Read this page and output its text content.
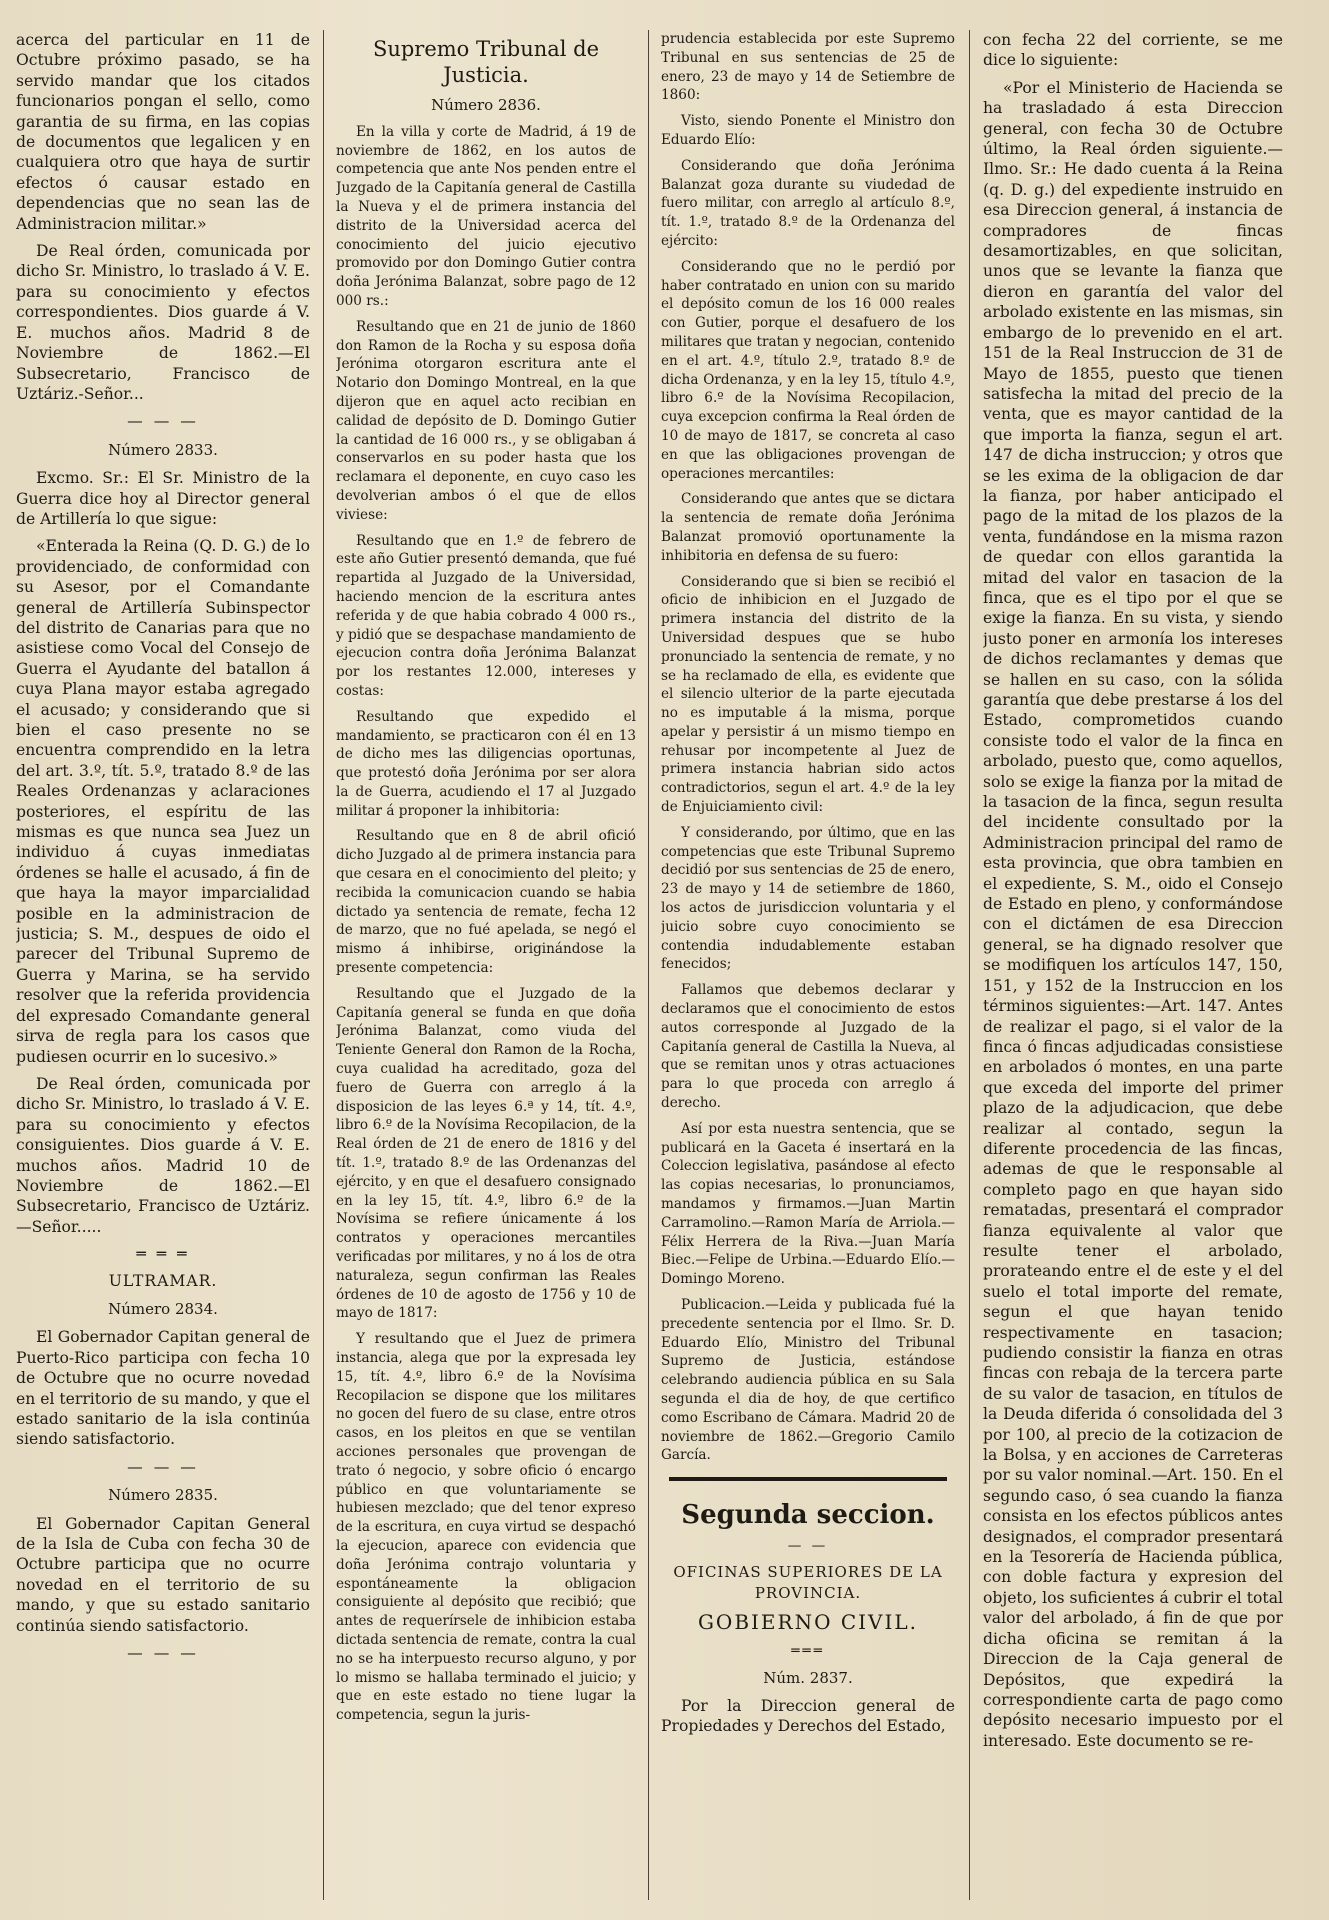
acerca del particular en 11 de Octubre próximo pasado, se ha servido mandar que los citados funcionarios pongan el sello, como garantia de su firma, en las copias de documentos que legalicen y en cualquiera otro que haya de surtir efectos ó causar estado en dependencias que no sean las de Administracion militar.»

De Real órden, comunicada por dicho Sr. Ministro, lo traslado á V. E. para su conocimiento y efectos correspondientes. Dios guarde á V. E. muchos años. Madrid 8 de Noviembre de 1862.—El Subsecretario, Francisco de Uztáriz.-Señor...

— — —
Número 2833.

Excmo. Sr.: El Sr. Ministro de la Guerra dice hoy al Director general de Artillería lo que sigue:

«Enterada la Reina (Q. D. G.) de lo providenciado, de conformidad con su Asesor, por el Comandante general de Artillería Subinspector del distrito de Canarias para que no asistiese como Vocal del Consejo de Guerra el Ayudante del batallon á cuya Plana mayor estaba agregado el acusado; y considerando que si bien el caso presente no se encuentra comprendido en la letra del art. 3.º, tít. 5.º, tratado 8.º de las Reales Ordenanzas y aclaraciones posteriores, el espíritu de las mismas es que nunca sea Juez un individuo á cuyas inmediatas órdenes se halle el acusado, á fin de que haya la mayor imparcialidad posible en la administracion de justicia; S. M., despues de oido el parecer del Tribunal Supremo de Guerra y Marina, se ha servido resolver que la referida providencia del expresado Comandante general sirva de regla para los casos que pudiesen ocurrir en lo sucesivo.»

De Real órden, comunicada por dicho Sr. Ministro, lo traslado á V. E. para su conocimiento y efectos consiguientes. Dios guarde á V. E. muchos años. Madrid 10 de Noviembre de 1862.—El Subsecretario, Francisco de Uztáriz.—Señor.....

═ ═ ═
ULTRAMAR.
Número 2834.

El Gobernador Capitan general de Puerto-Rico participa con fecha 10 de Octubre que no ocurre novedad en el territorio de su mando, y que el estado sanitario de la isla continúa siendo satisfactorio.

— — —
Número 2835.

El Gobernador Capitan General de la Isla de Cuba con fecha 30 de Octubre participa que no ocurre novedad en el territorio de su mando, y que su estado sanitario continúa siendo satisfactorio.

— — —
Supremo Tribunal de Justicia.
Número 2836.

En la villa y corte de Madrid, á 19 de noviembre de 1862, en los autos de competencia que ante Nos penden entre el Juzgado de la Capitanía general de Castilla la Nueva y el de primera instancia del distrito de la Universidad acerca del conocimiento del juicio ejecutivo promovido por don Domingo Gutier contra doña Jerónima Balanzat, sobre pago de 12 000 rs.:

Resultando que en 21 de junio de 1860 don Ramon de la Rocha y su esposa doña Jerónima otorgaron escritura ante el Notario don Domingo Montreal, en la que dijeron que en aquel acto recibian en calidad de depósito de D. Domingo Gutier la cantidad de 16 000 rs., y se obligaban á conservarlos en su poder hasta que los reclamara el deponente, en cuyo caso les devolverian ambos ó el que de ellos viviese:

Resultando que en 1.º de febrero de este año Gutier presentó demanda, que fué repartida al Juzgado de la Universidad, haciendo mencion de la escritura antes referida y de que habia cobrado 4 000 rs., y pidió que se despachase mandamiento de ejecucion contra doña Jerónima Balanzat por los restantes 12.000, intereses y costas:

Resultando que expedido el mandamiento, se practicaron con él en 13 de dicho mes las diligencias oportunas, que protestó doña Jerónima por ser alora la de Guerra, acudiendo el 17 al Juzgado militar á proponer la inhibitoria:

Resultando que en 8 de abril ofició dicho Juzgado al de primera instancia para que cesara en el conocimiento del pleito; y recibida la comunicacion cuando se habia dictado ya sentencia de remate, fecha 12 de marzo, que no fué apelada, se negó el mismo á inhibirse, originándose la presente competencia:

Resultando que el Juzgado de la Capitanía general se funda en que doña Jerónima Balanzat, como viuda del Teniente General don Ramon de la Rocha, cuya cualidad ha acreditado, goza del fuero de Guerra con arreglo á la disposicion de las leyes 6.ª y 14, tít. 4.º, libro 6.º de la Novísima Recopilacion, de la Real órden de 21 de enero de 1816 y del tít. 1.º, tratado 8.º de las Ordenanzas del ejército, y en que el desafuero consignado en la ley 15, tít. 4.º, libro 6.º de la Novísima se refiere únicamente á los contratos y operaciones mercantiles verificadas por militares, y no á los de otra naturaleza, segun confirman las Reales órdenes de 10 de agosto de 1756 y 10 de mayo de 1817:

Y resultando que el Juez de primera instancia, alega que por la expresada ley 15, tít. 4.º, libro 6.º de la Novísima Recopilacion se dispone que los militares no gocen del fuero de su clase, entre otros casos, en los pleitos en que se ventilan acciones personales que provengan de trato ó negocio, y sobre oficio ó encargo público en que voluntariamente se hubiesen mezclado; que del tenor expreso de la escritura, en cuya virtud se despachó la ejecucion, aparece con evidencia que doña Jerónima contrajo voluntaria y espontáneamente la obligacion consiguiente al depósito que recibió; que antes de requerírsele de inhibicion estaba dictada sentencia de remate, contra la cual no se ha interpuesto recurso alguno, y por lo mismo se hallaba terminado el juicio; y que en este estado no tiene lugar la competencia, segun la juris-

prudencia establecida por este Supremo Tribunal en sus sentencias de 25 de enero, 23 de mayo y 14 de Setiembre de 1860:

Visto, siendo Ponente el Ministro don Eduardo Elío:

Considerando que doña Jerónima Balanzat goza durante su viudedad de fuero militar, con arreglo al artículo 8.º, tít. 1.º, tratado 8.º de la Ordenanza del ejército:

Considerando que no le perdió por haber contratado en union con su marido el depósito comun de los 16 000 reales con Gutier, porque el desafuero de los militares que tratan y negocian, contenido en el art. 4.º, título 2.º, tratado 8.º de dicha Ordenanza, y en la ley 15, título 4.º, libro 6.º de la Novísima Recopilacion, cuya excepcion confirma la Real órden de 10 de mayo de 1817, se concreta al caso en que las obligaciones provengan de operaciones mercantiles:

Considerando que antes que se dictara la sentencia de remate doña Jerónima Balanzat promovió oportunamente la inhibitoria en defensa de su fuero:

Considerando que si bien se recibió el oficio de inhibicion en el Juzgado de primera instancia del distrito de la Universidad despues que se hubo pronunciado la sentencia de remate, y no se ha reclamado de ella, es evidente que el silencio ulterior de la parte ejecutada no es imputable á la misma, porque apelar y persistir á un mismo tiempo en rehusar por incompetente al Juez de primera instancia habrian sido actos contradictorios, segun el art. 4.º de la ley de Enjuiciamiento civil:

Y considerando, por último, que en las competencias que este Tribunal Supremo decidió por sus sentencias de 25 de enero, 23 de mayo y 14 de setiembre de 1860, los actos de jurisdiccion voluntaria y el juicio sobre cuyo conocimiento se contendia indudablemente estaban fenecidos;

Fallamos que debemos declarar y declaramos que el conocimiento de estos autos corresponde al Juzgado de la Capitanía general de Castilla la Nueva, al que se remitan unos y otras actuaciones para lo que proceda con arreglo á derecho.

Así por esta nuestra sentencia, que se publicará en la Gaceta é insertará en la Coleccion legislativa, pasándose al efecto las copias necesarias, lo pronunciamos, mandamos y firmamos.—Juan Martin Carramolino.—Ramon María de Arriola.—Félix Herrera de la Riva.—Juan María Biec.—Felipe de Urbina.—Eduardo Elío.—Domingo Moreno.

Publicacion.—Leida y publicada fué la precedente sentencia por el Ilmo. Sr. D. Eduardo Elío, Ministro del Tribunal Supremo de Justicia, estándose celebrando audiencia pública en su Sala segunda el dia de hoy, de que certifico como Escribano de Cámara. Madrid 20 de noviembre de 1862.—Gregorio Camilo García.

Segunda seccion.
— —
OFICINAS SUPERIORES DE LA PROVINCIA.
GOBIERNO CIVIL.
═══
Núm. 2837.

Por la Direccion general de Propiedades y Derechos del Estado,

con fecha 22 del corriente, se me dice lo siguiente:

«Por el Ministerio de Hacienda se ha trasladado á esta Direccion general, con fecha 30 de Octubre último, la Real órden siguiente.—Ilmo. Sr.: He dado cuenta á la Reina (q. D. g.) del expediente instruido en esa Direccion general, á instancia de compradores de fincas desamortizables, en que solicitan, unos que se levante la fianza que dieron en garantía del valor del arbolado existente en las mismas, sin embargo de lo prevenido en el art. 151 de la Real Instruccion de 31 de Mayo de 1855, puesto que tienen satisfecha la mitad del precio de la venta, que es mayor cantidad de la que importa la fianza, segun el art. 147 de dicha instruccion; y otros que se les exima de la obligacion de dar la fianza, por haber anticipado el pago de la mitad de los plazos de la venta, fundándose en la misma razon de quedar con ellos garantida la mitad del valor en tasacion de la finca, que es el tipo por el que se exige la fianza. En su vista, y siendo justo poner en armonía los intereses de dichos reclamantes y demas que se hallen en su caso, con la sólida garantía que debe prestarse á los del Estado, comprometidos cuando consiste todo el valor de la finca en arbolado, puesto que, como aquellos, solo se exige la fianza por la mitad de la tasacion de la finca, segun resulta del incidente consultado por la Administracion principal del ramo de esta provincia, que obra tambien en el expediente, S. M., oido el Consejo de Estado en pleno, y conformándose con el dictámen de esa Direccion general, se ha dignado resolver que se modifiquen los artículos 147, 150, 151, y 152 de la Instruccion en los términos siguientes:—Art. 147. Antes de realizar el pago, si el valor de la finca ó fincas adjudicadas consistiese en arbolados ó montes, en una parte que exceda del importe del primer plazo de la adjudicacion, que debe realizar al contado, segun la diferente procedencia de las fincas, ademas de que le responsable al completo pago en que hayan sido rematadas, presentará el comprador fianza equivalente al valor que resulte tener el arbolado, prorateando entre el de este y el del suelo el total importe del remate, segun el que hayan tenido respectivamente en tasacion; pudiendo consistir la fianza en otras fincas con rebaja de la tercera parte de su valor de tasacion, en títulos de la Deuda diferida ó consolidada del 3 por 100, al precio de la cotizacion de la Bolsa, y en acciones de Carreteras por su valor nominal.—Art. 150. En el segundo caso, ó sea cuando la fianza consista en los efectos públicos antes designados, el comprador presentará en la Tesorería de Hacienda pública, con doble factura y expresion del objeto, los suficientes á cubrir el total valor del arbolado, á fin de que por dicha oficina se remitan á la Direccion de la Caja general de Depósitos, que expedirá la correspondiente carta de pago como depósito necesario impuesto por el interesado. Este documento se re-
